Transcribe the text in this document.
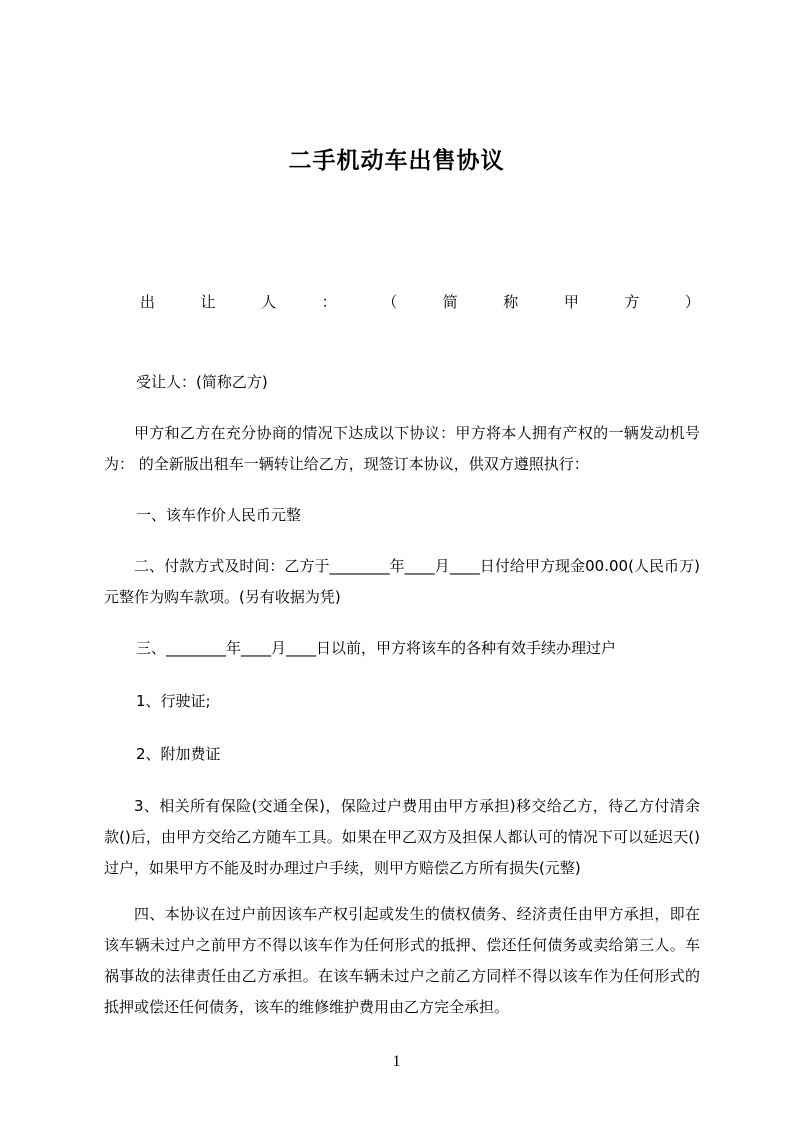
二手机动车出售协议
出	让	人	：	（	简	称	甲	方	）
受让人：(简称乙方)
甲方和乙方在充分协商的情况下达成以下协议：甲方将本人拥有产权的一辆发动机号为： 的全新版出租车一辆转让给乙方，现签订本协议，供双方遵照执行：
一、该车作价人民币元整
二、付款方式及时间：乙方于________年____月____日付给甲方现金00.00(人民币万)元整作为购车款项。(另有收据为凭)
三、________年____月____日以前，甲方将该车的各种有效手续办理过户
1、行驶证;
2、附加费证
3、相关所有保险(交通全保)，保险过户费用由甲方承担)移交给乙方，待乙方付清余款()后，由甲方交给乙方随车工具。如果在甲乙双方及担保人都认可的情况下可以延迟天()过户，如果甲方不能及时办理过户手续，则甲方赔偿乙方所有损失(元整)
四、本协议在过户前因该车产权引起或发生的债权债务、经济责任由甲方承担，即在该车辆未过户之前甲方不得以该车作为任何形式的抵押、偿还任何债务或卖给第三人。车祸事故的法律责任由乙方承担。在该车辆未过户之前乙方同样不得以该车作为任何形式的抵押或偿还任何债务，该车的维修维护费用由乙方完全承担。
1
